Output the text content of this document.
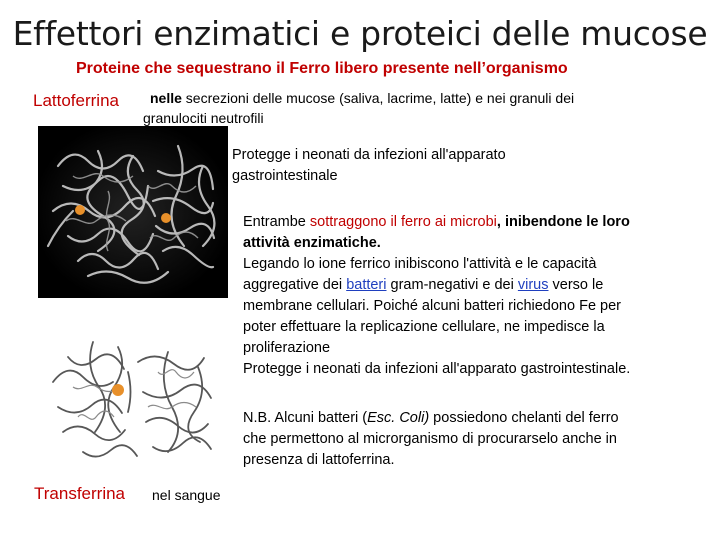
Effettori enzimatici e proteici delle mucose
Proteine che sequestrano il Ferro libero presente nell’organismo
Lattoferrina nelle secrezioni delle mucose (saliva, lacrime, latte) e nei granuli dei
granulociti neutrofili
Protegge i neonati da infezioni all'apparato
gastrointestinale
Entrambe sottraggono il ferro ai microbi, inibendone le loro
attività enzimatiche.
Legando lo ione ferrico inibiscono l'attività e le capacità
aggregative dei batteri gram-negativi e dei virus verso le
membrane cellulari. Poiché alcuni batteri richiedono Fe per
poter effettuare la replicazione cellulare, ne impedisce la
proliferazione
Protegge i neonati da infezioni all'apparato gastrointestinale.
N.B. Alcuni batteri (Esc. Coli) possiedono chelanti del ferro
che permettono al microrganismo di procurarselo anche in
presenza di lattoferrina.
Transferrina nel sangue
